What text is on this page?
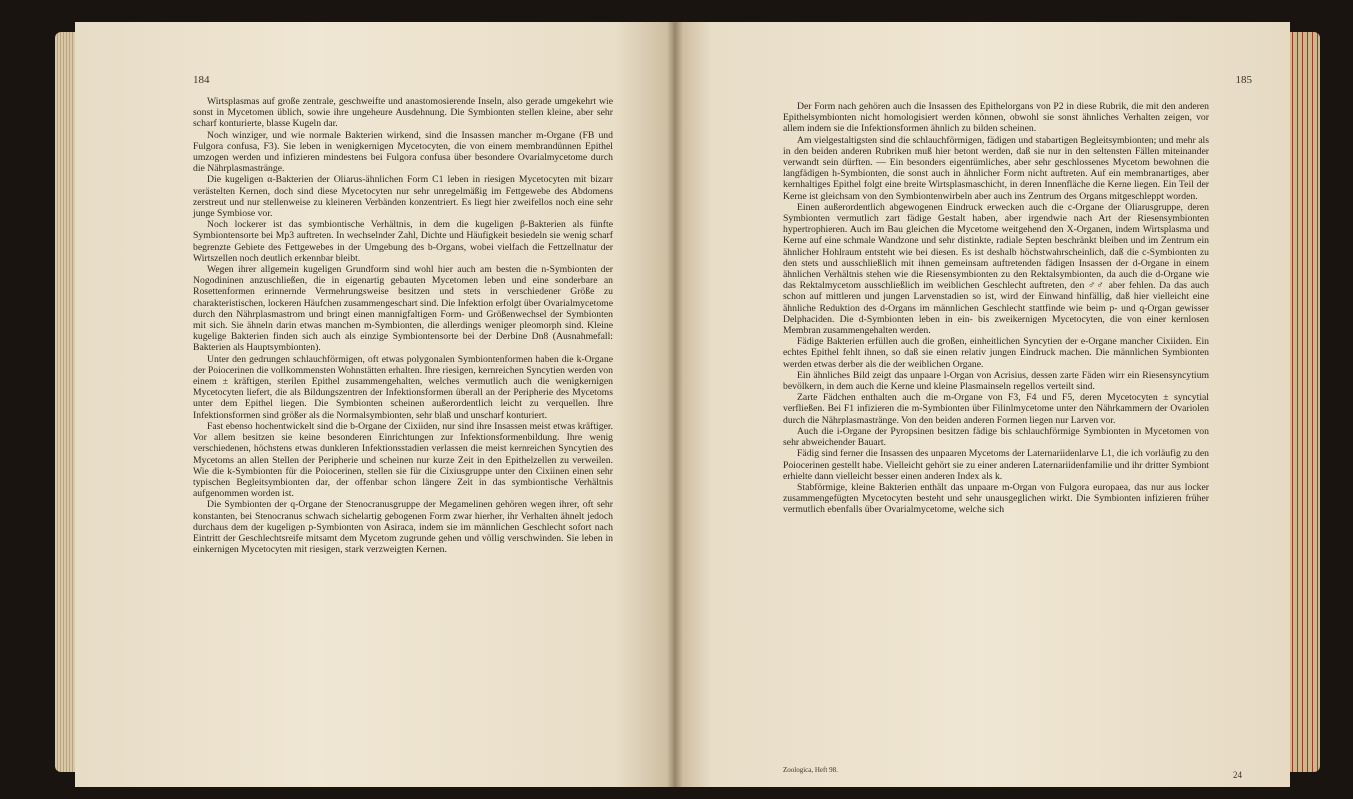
184

Wirtsplasmas auf große zentrale, geschweifte und anastomosierende Inseln, also gerade umgekehrt wie sonst in Mycetomen üblich, sowie ihre ungeheure Ausdehnung. Die Symbionten stellen kleine, aber sehr scharf konturierte, blasse Kugeln dar.

Noch winziger, und wie normale Bakterien wirkend, sind die Insassen mancher m-Organe (FB und Fulgora confusa, F3). Sie leben in wenigkernigen Mycetocyten, die von einem membrandünnen Epithel umzogen werden und infizieren mindestens bei Fulgora confusa über besondere Ovarialmycetome durch die Nährplasmastränge.

Die kugeligen α-Bakterien der Oliarus-ähnlichen Form C1 leben in riesigen Mycetocyten mit bizarr verästelten Kernen, doch sind diese Mycetocyten nur sehr unregelmäßig im Fettgewebe des Abdomens zerstreut und nur stellenweise zu kleineren Verbänden konzentriert. Es liegt hier zweifellos noch eine sehr junge Symbiose vor.

Noch lockerer ist das symbiontische Verhältnis, in dem die kugeligen β-Bakterien als fünfte Symbiontensorte bei Mp3 auftreten. In wechselnder Zahl, Dichte und Häufigkeit besiedeln sie wenig scharf begrenzte Gebiete des Fettgewebes in der Umgebung des b-Organs, wobei vielfach die Fettzellnatur der Wirtszellen noch deutlich erkennbar bleibt.

Wegen ihrer allgemein kugeligen Grundform sind wohl hier auch am besten die n-Symbionten der Nogodininen anzuschließen, die in eigenartig gebauten Mycetomen leben und eine sonderbare an Rosettenformen erinnernde Vermehrungsweise besitzen und stets in verschiedener Größe zu charakteristischen, lockeren Häufchen zusammengeschart sind. Die Infektion erfolgt über Ovarialmycetome durch den Nährplasmastrom und bringt einen mannigfaltigen Form- und Größenwechsel der Symbionten mit sich. Sie ähneln darin etwas manchen m-Symbionten, die allerdings weniger pleomorph sind. Kleine kugelige Bakterien finden sich auch als einzige Symbiontensorte bei der Derbine Dn8 (Ausnahmefall: Bakterien als Hauptsymbionten).

Unter den gedrungen schlauchförmigen, oft etwas polygonalen Symbiontenformen haben die k-Organe der Poiocerinen die vollkommensten Wohnstätten erhalten. Ihre riesigen, kernreichen Syncytien werden von einem ± kräftigen, sterilen Epithel zusammengehalten, welches vermutlich auch die wenigkernigen Mycetocyten liefert, die als Bildungszentren der Infektionsformen überall an der Peripherie des Mycetoms unter dem Epithel liegen. Die Symbionten scheinen außerordentlich leicht zu verquellen. Ihre Infektionsformen sind größer als die Normalsymbionten, sehr blaß und unscharf konturiert.

Fast ebenso hochentwickelt sind die b-Organe der Cixiiden, nur sind ihre Insassen meist etwas kräftiger. Vor allem besitzen sie keine besonderen Einrichtungen zur Infektionsformenbildung. Ihre wenig verschiedenen, höchstens etwas dunkleren Infektionsstadien verlassen die meist kernreichen Syncytien des Mycetoms an allen Stellen der Peripherie und scheinen nur kurze Zeit in den Epithelzellen zu verweilen. Wie die k-Symbionten für die Poiocerinen, stellen sie für die Cixiusgruppe unter den Cixiinen einen sehr typischen Begleitsymbionten dar, der offenbar schon längere Zeit in das symbiontische Verhältnis aufgenommen worden ist.

Die Symbionten der q-Organe der Stenocranusgruppe der Megamelinen gehören wegen ihrer, oft sehr konstanten, bei Stenocranus schwach sichelartig gebogenen Form zwar hierher, ihr Verhalten ähnelt jedoch durchaus dem der kugeligen p-Symbionten von Asiraca, indem sie im männlichen Geschlecht sofort nach Eintritt der Geschlechtsreife mitsamt dem Mycetom zugrunde gehen und völlig verschwinden. Sie leben in einkernigen Mycetocyten mit riesigen, stark verzweigten Kernen.

185

Der Form nach gehören auch die Insassen des Epithelorgans von P2 in diese Rubrik, die mit den anderen Epithelsymbionten nicht homologisiert werden können, obwohl sie sonst ähnliches Verhalten zeigen, vor allem indem sie die Infektionsformen ähnlich zu bilden scheinen.

Am vielgestaltigsten sind die schlauchförmigen, fädigen und stabartigen Begleitsymbionten; und mehr als in den beiden anderen Rubriken muß hier betont werden, daß sie nur in den seltensten Fällen miteinander verwandt sein dürften. — Ein besonders eigentümliches, aber sehr geschlossenes Mycetom bewohnen die langfädigen h-Symbionten, die sonst auch in ähnlicher Form nicht auftreten. Auf ein membranartiges, aber kernhaltiges Epithel folgt eine breite Wirtsplasmaschicht, in deren Innenfläche die Kerne liegen. Ein Teil der Kerne ist gleichsam von den Symbiontenwirbeln aber auch ins Zentrum des Organs mitgeschleppt worden.

Einen außerordentlich abgewogenen Eindruck erwecken auch die c-Organe der Oliarusgruppe, deren Symbionten vermutlich zart fädige Gestalt haben, aber irgendwie nach Art der Riesensymbionten hypertrophieren. Auch im Bau gleichen die Mycetome weitgehend den X-Organen, indem Wirtsplasma und Kerne auf eine schmale Wandzone und sehr distinkte, radiale Septen beschränkt bleiben und im Zentrum ein ähnlicher Hohlraum entsteht wie bei diesen. Es ist deshalb höchstwahrscheinlich, daß die c-Symbionten zu den stets und ausschließlich mit ihnen gemeinsam auftretenden fädigen Insassen der d-Organe in einem ähnlichen Verhältnis stehen wie die Riesensymbionten zu den Rektalsymbionten, da auch die d-Organe wie das Rektalmycetom ausschließlich im weiblichen Geschlecht auftreten, den ♂♂ aber fehlen. Da das auch schon auf mittleren und jungen Larvenstadien so ist, wird der Einwand hinfällig, daß hier vielleicht eine ähnliche Reduktion des d-Organs im männlichen Geschlecht stattfinde wie beim p- und q-Organ gewisser Delphaciden. Die d-Symbionten leben in ein- bis zweikernigen Mycetocyten, die von einer kernlosen Membran zusammengehalten werden.

Fädige Bakterien erfüllen auch die großen, einheitlichen Syncytien der e-Organe mancher Cixiiden. Ein echtes Epithel fehlt ihnen, so daß sie einen relativ jungen Eindruck machen. Die männlichen Symbionten werden etwas derber als die der weiblichen Organe.

Ein ähnliches Bild zeigt das unpaare l-Organ von Acrisius, dessen zarte Fäden wirr ein Riesensyncytium bevölkern, in dem auch die Kerne und kleine Plasmainseln regellos verteilt sind.

Zarte Fädchen enthalten auch die m-Organe von F3, F4 und F5, deren Mycetocyten ± syncytial verfließen. Bei F1 infizieren die m-Symbionten über Filinlmycetome unter den Nährkammern der Ovariolen durch die Nährplasmastränge. Von den beiden anderen Formen liegen nur Larven vor.

Auch die i-Organe der Pyropsinen besitzen fädige bis schlauchförmige Symbionten in Mycetomen von sehr abweichender Bauart.

Fädig sind ferner die Insassen des unpaaren Mycetoms der Laternariidenlarve L1, die ich vorläufig zu den Poiocerinen gestellt habe. Vielleicht gehört sie zu einer anderen Laternariidenfamilie und ihr dritter Symbiont erhielte dann vielleicht besser einen anderen Index als k.

Stabförmige, kleine Bakterien enthält das unpaare m-Organ von Fulgora europaea, das nur aus locker zusammengefügten Mycetocyten besteht und sehr unausgeglichen wirkt. Die Symbionten infizieren früher vermutlich ebenfalls über Ovarialmycetome, welche sich

Zoologica, Heft 98.	24
